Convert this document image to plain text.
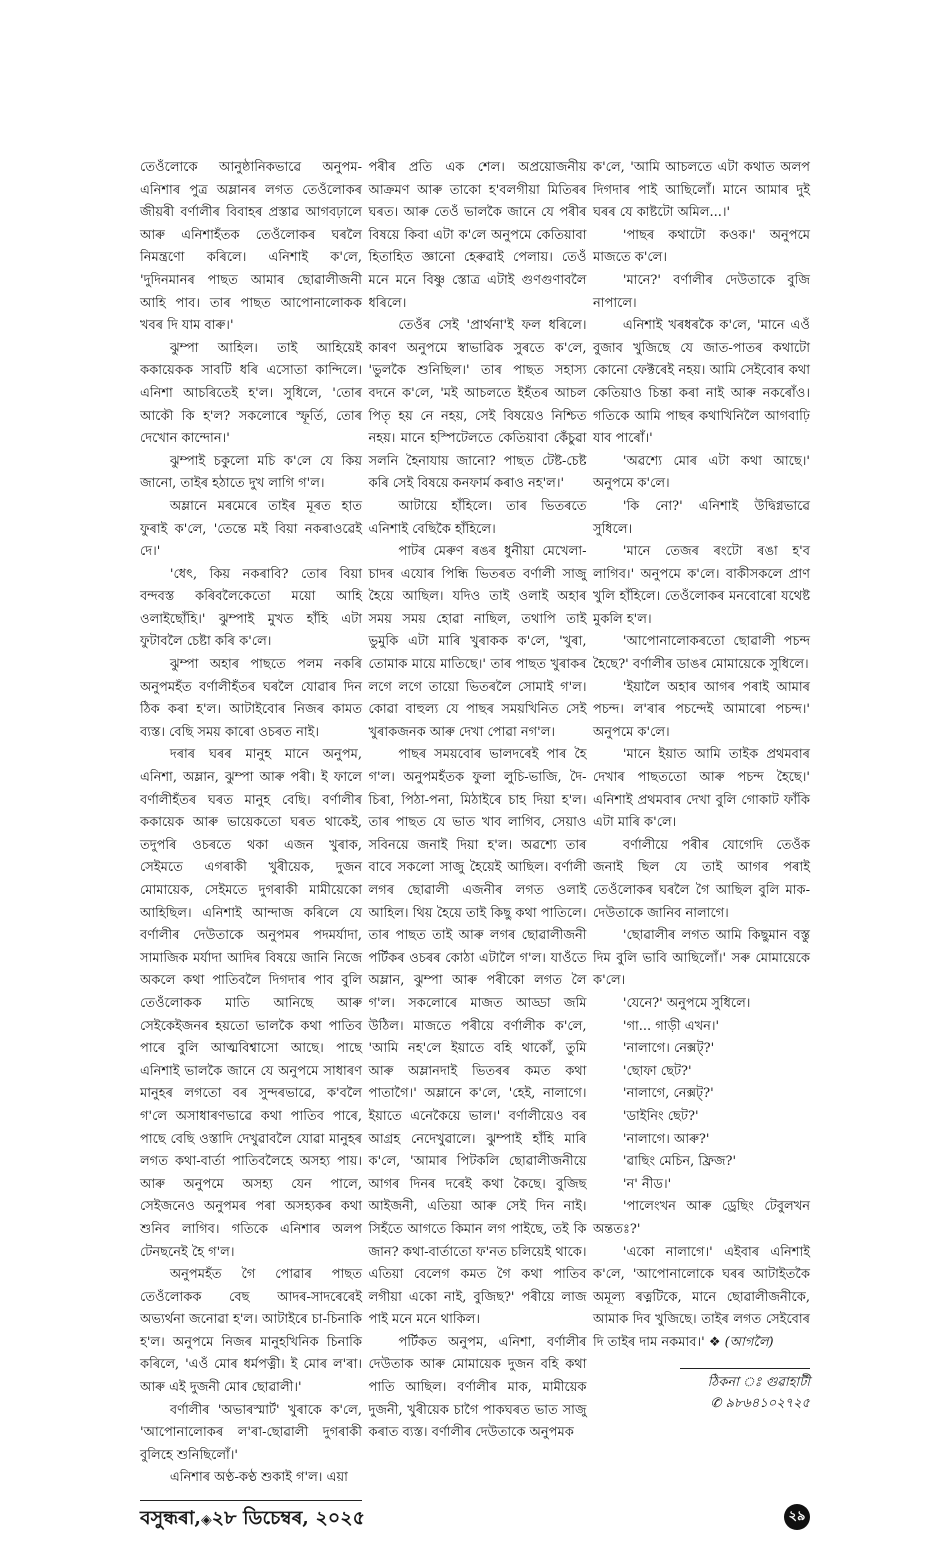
তেওঁলোকে আনুষ্ঠানিকভাৱে অনুপম-এনিশাৰ পুত্ৰ অম্লানৰ লগত তেওঁলোকৰ জীয়ৰী বৰ্ণালীৰ বিবাহৰ প্ৰস্তাৱ আগবঢ়ালে আৰু এনিশাহঁতক তেওঁলোকৰ ঘৰলৈ নিমন্ত্ৰণো কৰিলে। এনিশাই ক'লে, 'দুদিনমানৰ পাছত আমাৰ ছোৱালীজনী আহি পাব। তাৰ পাছত আপোনালোকক খবৰ দি যাম বাৰু।'

ঝুম্পা আহিল। তাই আহিয়েই ককায়েকক সাবটি ধৰি এসোতা কান্দিলে। এনিশা আচৰিতেই হ'ল। সুধিলে, 'তোৰ আকৌ কি হ'ল? সকলোৰে স্ফূৰ্তি, তোৰ দেখোন কান্দোন।'

ঝুম্পাই চকুলো মচি ক'লে যে কিয় জানো, তাইৰ হঠাতে দুখ লাগি গ'ল।

অম্লানে মৰমেৰে তাইৰ মূৰত হাত ফুৰাই ক'লে, 'তেন্তে মই বিয়া নকৰাওৱেই দে।'

'ধেৎ, কিয় নকৰাবি? তোৰ বিয়া বন্দবস্ত কৰিবলৈকেতো ময়ো আহি ওলাইছোঁহি।' ঝুম্পাই মুখত হাঁহি এটা ফুটাবলৈ চেষ্টা কৰি ক'লে।

ঝুম্পা অহাৰ পাছতে পলম নকৰি অনুপমহঁত বৰ্ণালীহঁতৰ ঘৰলৈ যোৱাৰ দিন ঠিক কৰা হ'ল। আটাইবোৰ নিজৰ কামত ব্যস্ত। বেছি সময় কাৰো ওচৰত নাই।

দৰাৰ ঘৰৰ মানুহ মানে অনুপম, এনিশা, অম্লান, ঝুম্পা আৰু পৰী। ই ফালে বৰ্ণালীহঁতৰ ঘৰত মানুহ বেছি। বৰ্ণালীৰ ককায়েক আৰু ভায়েকতো ঘৰত থাকেই, তদুপৰি ওচৰতে থকা এজন খুৰাক, সেইমতে এগৰাকী খুৰীয়েক, দুজন মোমায়েক, সেইমতে দুগৰাকী মামীয়েকো আহিছিল। এনিশাই আন্দাজ কৰিলে যে বৰ্ণালীৰ দেউতাকে অনুপমৰ পদমৰ্যাদা, সামাজিক মৰ্যাদা আদিৰ বিষয়ে জানি নিজে অকলে কথা পাতিবলৈ দিগদাৰ পাব বুলি তেওঁলোকক মাতি আনিছে আৰু সেইকেইজনৰ হয়তো ভালকৈ কথা পাতিব পাৰে বুলি আত্মবিশ্বাসো আছে। পাছে এনিশাই ভালকৈ জানে যে অনুপমে সাধাৰণ মানুহৰ লগতো বৰ সুন্দৰভাৱে, ক'বলৈ গ'লে অসাধাৰণভাৱে কথা পাতিব পাৰে, পাছে বেছি ওস্তাদি দেখুৱাবলৈ যোৱা মানুহৰ লগত কথা-বাৰ্তা পাতিবলৈহে অসহ্য পায়। আৰু অনুপমে অসহ্য যেন পালে, সেইজনেও অনুপমৰ পৰা অসহ্যকৰ কথা শুনিব লাগিব। গতিকে এনিশাৰ অলপ টেনছনেই হৈ গ'ল।

অনুপমহঁত গৈ পোৱাৰ পাছত তেওঁলোকক বেছ আদৰ-সাদৰেৰেই অভ্যৰ্থনা জনোৱা হ'ল। আটাইৰে চা-চিনাকি হ'ল। অনুপমে নিজৰ মানুহখিনিক চিনাকি কৰিলে, 'এওঁ মোৰ ধৰ্মপত্নী। ই মোৰ ল'ৰা। আৰু এই দুজনী মোৰ ছোৱালী।'

বৰ্ণালীৰ 'অভাৰস্মাৰ্ট' খুৰাকে ক'লে, 'আপোনালোকৰ ল'ৰা-ছোৱালী দুগৰাকী বুলিহে শুনিছিলোঁ।'

এনিশাৰ অণ্ঠ-কণ্ঠ শুকাই গ'ল। এয়া

পৰীৰ প্ৰতি এক শেল। অপ্ৰয়োজনীয় আক্ৰমণ আৰু তাকো হ'বলগীয়া মিতিৰৰ ঘৰত। আৰু তেওঁ ভালকৈ জানে যে পৰীৰ বিষয়ে কিবা এটা ক'লে অনুপমে কেতিয়াবা হিতাহিত জ্ঞানো হেৰুৱাই পেলায়। তেওঁ মনে মনে বিষ্ণু স্তোত্ৰ এটাই গুণগুণাবলৈ ধৰিলে।

তেওঁৰ সেই 'প্ৰাৰ্থনা'ই ফল ধৰিলে। কাৰণ অনুপমে স্বাভাৱিক সুৰতে ক'লে, 'ভুলকৈ শুনিছিল।' তাৰ পাছত সহাস্য বদনে ক'লে, 'মই আচলতে ইহঁতৰ আচল পিতৃ হয় নে নহয়, সেই বিষয়েও নিশ্চিত নহয়। মানে হস্পিটেলতে কেতিয়াবা কেঁচুৱা সলনি হৈনাযায় জানো? পাছত টেষ্ট-চেষ্ট কৰি সেই বিষয়ে কনফাৰ্ম কৰাও নহ'ল।'

আটায়ে হাঁহিলে। তাৰ ভিতৰতে এনিশাই বেছিকৈ হাঁহিলে।

পাটৰ মেৰুণ ৰঙৰ ধুনীয়া মেখেলা-চাদৰ এযোৰ পিন্ধি ভিতৰত বৰ্ণালী সাজু হৈয়ে আছিল। যদিও তাই ওলাই অহাৰ সময় সময় হোৱা নাছিল, তথাপি তাই ভুমুকি এটা মাৰি খুৰাকক ক'লে, 'খুৰা, তোমাক মায়ে মাতিছে।' তাৰ পাছত খুৰাকৰ লগে লগে তায়ো ভিতৰলৈ সোমাই গ'ল। কোৱা বাহুল্য যে পাছৰ সময়খিনিত সেই খুৰাকজনক আৰু দেখা পোৱা নগ'ল।

পাছৰ সময়বোৰ ভালদৰেই পাৰ হৈ গ'ল। অনুপমহঁতক ফুলা লুচি-ভাজি, দৈ-চিৰা, পিঠা-পনা, মিঠাইৰে চাহ দিয়া হ'ল। তাৰ পাছত যে ভাত খাব লাগিব, সেয়াও সবিনয়ে জনাই দিয়া হ'ল। অৱশ্যে তাৰ বাবে সকলো সাজু হৈয়েই আছিল। বৰ্ণালী লগৰ ছোৱালী এজনীৰ লগত ওলাই আহিল। থিয় হৈয়ে তাই কিছু কথা পাতিলে। তাৰ পাছত তাই আৰু লগৰ ছোৱালীজনী পৰ্টিকৰ ওচৰৰ কোঠা এটালৈ গ'ল। যাওঁতে অম্লান, ঝুম্পা আৰু পৰীকো লগত লৈ গ'ল। সকলোৰে মাজত আড্ডা জমি উঠিল। মাজতে পৰীয়ে বৰ্ণালীক ক'লে, 'আমি নহ'লে ইয়াতে বহি থাকোঁ, তুমি আৰু অম্লানদাই ভিতৰৰ কমত কথা পাতাগৈ।' অম্লানে ক'লে, 'হেই, নালাগে। ইয়াতে এনেকৈয়ে ভাল।' বৰ্ণালীয়েও বৰ আগ্ৰহ নেদেখুৱালে। ঝুম্পাই হাঁহি মাৰি ক'লে, 'আমাৰ পিটকলি ছোৱালীজনীয়ে আগৰ দিনৰ দৰেই কথা কৈছে। বুজিছ আইজনী, এতিয়া আৰু সেই দিন নাই। সিহঁতে আগতে কিমান লগ পাইছে, তই কি জান? কথা-বাৰ্তাতো ফ'নত চলিয়েই থাকে। এতিয়া বেলেগ কমত গৈ কথা পাতিব লগীয়া একো নাই, বুজিছ?' পৰীয়ে লাজ পাই মনে মনে থাকিল।

পৰ্টিকত অনুপম, এনিশা, বৰ্ণালীৰ দেউতাক আৰু মোমায়েক দুজন বহি কথা পাতি আছিল। বৰ্ণালীৰ মাক, মামীয়েক দুজনী, খুৰীয়েক চাগৈ পাকঘৰত ভাত সাজু কৰাত ব্যস্ত। বৰ্ণালীৰ দেউতাকে অনুপমক

ক'লে, 'আমি আচলতে এটা কথাত অলপ দিগদাৰ পাই আছিলোঁ। মানে আমাৰ দুই ঘৰৰ যে কাষ্টটো অমিল...।'

'পাছৰ কথাটো কওক।' অনুপমে মাজতে ক'লে।

'মানে?' বৰ্ণালীৰ দেউতাকে বুজি নাপালে।

এনিশাই খৰধৰকৈ ক'লে, 'মানে এওঁ বুজাব খুজিছে যে জাত-পাতৰ কথাটো কোনো ফেক্টৰেই নহয়। আমি সেইবোৰ কথা কেতিয়াও চিন্তা কৰা নাই আৰু নকৰোঁও। গতিকে আমি পাছৰ কথাখিনিলৈ আগবাঢ়ি যাব পাৰোঁ।'

'অৱশ্যে মোৰ এটা কথা আছে।' অনুপমে ক'লে।

'কি নো?' এনিশাই উদ্বিগ্নভাৱে সুধিলে।

'মানে তেজৰ ৰংটো ৰঙা হ'ব লাগিব।' অনুপমে ক'লে। বাকীসকলে প্ৰাণ খুলি হাঁহিলে। তেওঁলোকৰ মনবোৰো যথেষ্ট মুকলি হ'ল।

'আপোনালোকৰতো ছোৱালী পচন্দ হৈছে?' বৰ্ণালীৰ ডাঙৰ মোমায়েকে সুধিলে।

'ইয়ালৈ অহাৰ আগৰ পৰাই আমাৰ পচন্দ। ল'ৰাৰ পচন্দেই আমাৰো পচন্দ।' অনুপমে ক'লে।

'মানে ইয়াত আমি তাইক প্ৰথমবাৰ দেখাৰ পাছততো আৰু পচন্দ হৈছে।' এনিশাই প্ৰথমবাৰ দেখা বুলি গোকাট ফাঁকি এটা মাৰি ক'লে।

বৰ্ণালীয়ে পৰীৰ যোগেদি তেওঁক জনাই ছিল যে তাই আগৰ পৰাই তেওঁলোকৰ ঘৰলৈ গৈ আছিল বুলি মাক-দেউতাকে জানিব নালাগে।

'ছোৱালীৰ লগত আমি কিছুমান বস্তু দিম বুলি ভাবি আছিলোঁ।' সৰু মোমায়েকে ক'লে।

'যেনে?' অনুপমে সুধিলে।

'গা... গাড়ী এখন।'

'নালাগে। নেক্সট্?'

'ছোফা ছেট?'

'নালাগে, নেক্সট্?'

'ডাইনিং ছেট?'

'নালাগে। আৰু?'

'ৱাছিং মেচিন, ফ্ৰিজ?'

'ন' নীড।'

'পালেংখন আৰু ড্ৰেছিং টেবুলখন অন্ততঃ?'

'একো নালাগে।' এইবাৰ এনিশাই ক'লে, 'আপোনালোকে ঘৰৰ আটাইতকৈ অমূল্য ৰত্নটিকে, মানে ছোৱালীজনীকে, আমাক দিব খুজিছে। তাইৰ লগত সেইবোৰ দি তাইৰ দাম নকমাব।' ❖ (আগলৈ)

ঠিকনা ঃ গুৱাহাটী
✆ ৯৮৬৪১০২৭২৫
বসুন্ধৰা,◈২৮ ডিচেম্বৰ, ২০২৫	২৯
